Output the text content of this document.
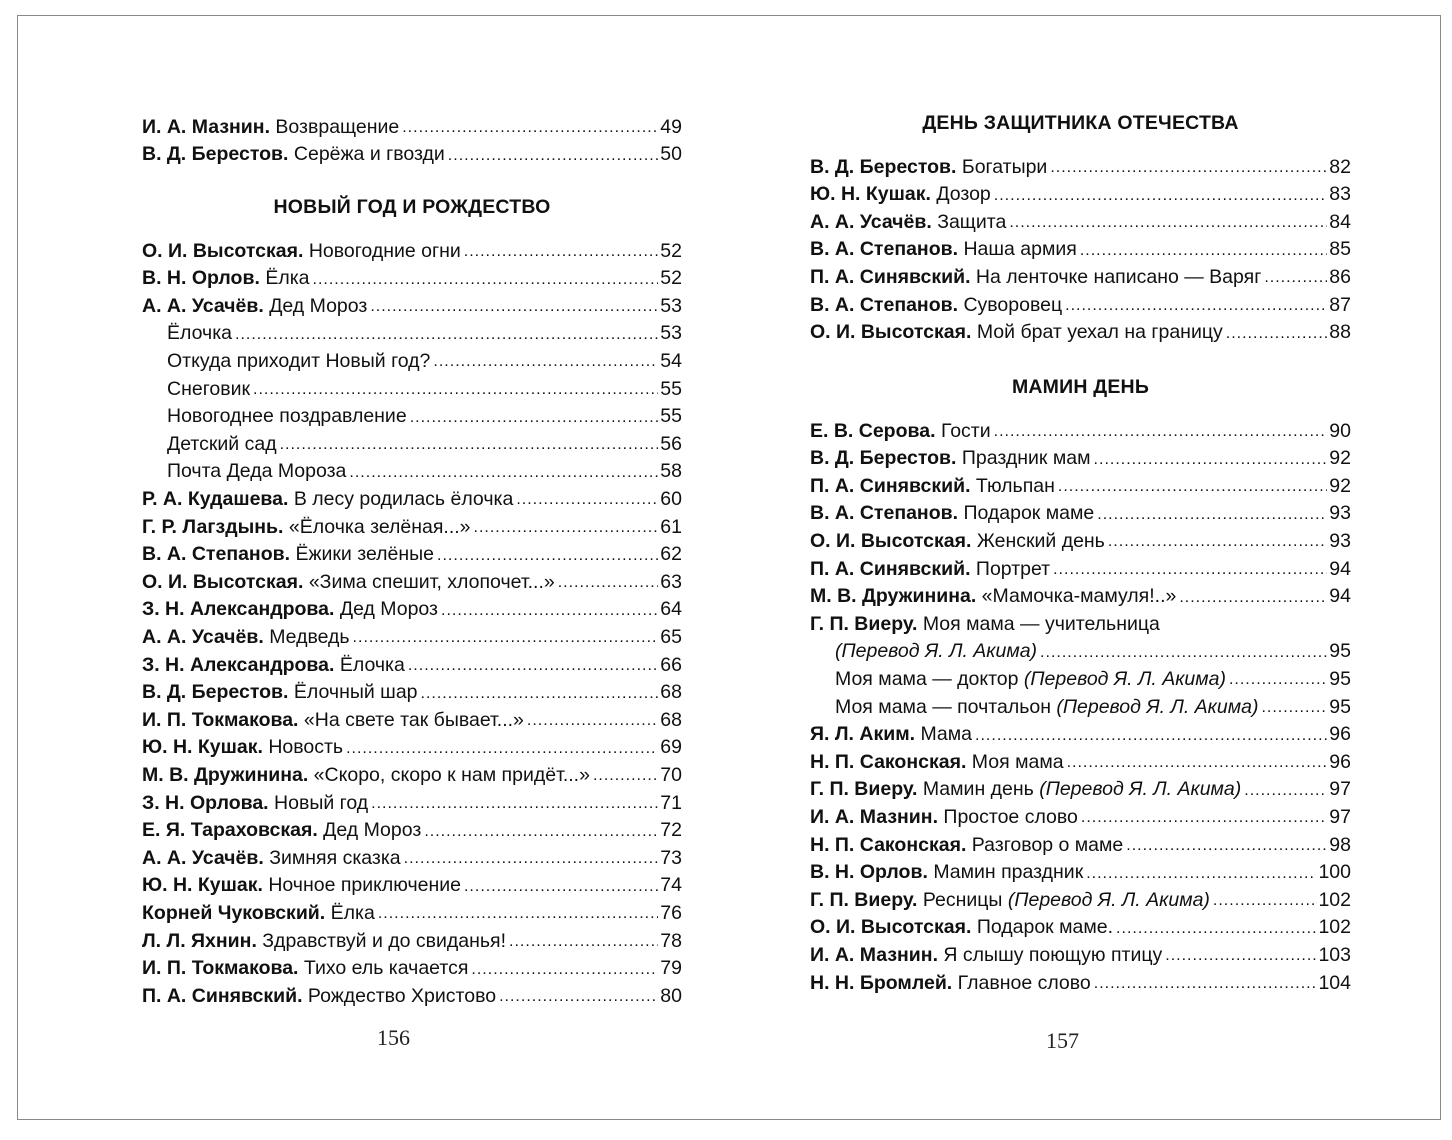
И. А. Мазнин. Возвращение .....	49
В. Д. Берестов. Серёжа и гвозди .....	50
НОВЫЙ ГОД И РОЖДЕСТВО
О. И. Высотская. Новогодние огни .....	52
В. Н. Орлов. Ёлка .....	52
А. А. Усачёв. Дед Мороз .....	53
Ёлочка .....	53
Откуда приходит Новый год? .....	54
Снеговик .....	55
Новогоднее поздравление .....	55
Детский сад .....	56
Почта Деда Мороза .....	58
Р. А. Кудашева. В лесу родилась ёлочка .....	60
Г. Р. Лагздынь. «Ёлочка зелёная...» .....	61
В. А. Степанов. Ёжики зелёные .....	62
О. И. Высотская. «Зима спешит, хлопочет...» .....	63
З. Н. Александрова. Дед Мороз .....	64
А. А. Усачёв. Медведь .....	65
З. Н. Александрова. Ёлочка .....	66
В. Д. Берестов. Ёлочный шар .....	68
И. П. Токмакова. «На свете так бывает...» .....	68
Ю. Н. Кушак. Новость .....	69
М. В. Дружинина. «Скоро, скоро к нам придёт...» .....	70
З. Н. Орлова. Новый год .....	71
Е. Я. Тараховская. Дед Мороз .....	72
А. А. Усачёв. Зимняя сказка .....	73
Ю. Н. Кушак. Ночное приключение .....	74
Корней Чуковский. Ёлка .....	76
Л. Л. Яхнин. Здравствуй и до свиданья! .....	78
И. П. Токмакова. Тихо ель качается .....	79
П. А. Синявский. Рождество Христово .....	80
156
ДЕНЬ ЗАЩИТНИКА ОТЕЧЕСТВА
В. Д. Берестов. Богатыри .....	82
Ю. Н. Кушак. Дозор .....	83
А. А. Усачёв. Защита .....	84
В. А. Степанов. Наша армия .....	85
П. А. Синявский. На ленточке написано — Варяг .....	86
В. А. Степанов. Суворовец .....	87
О. И. Высотская. Мой брат уехал на границу .....	88
МАМИН ДЕНЬ
Е. В. Серова. Гости .....	90
В. Д. Берестов. Праздник мам .....	92
П. А. Синявский. Тюльпан .....	92
В. А. Степанов. Подарок маме .....	93
О. И. Высотская. Женский день .....	93
П. А. Синявский. Портрет .....	94
М. В. Дружинина. «Мамочка-мамуля!..» .....	94
Г. П. Виеру. Моя мама — учительница
(Перевод Я. Л. Акима) .....	95
Моя мама — доктор (Перевод Я. Л. Акима) .....	95
Моя мама — почтальон (Перевод Я. Л. Акима) .....	95
Я. Л. Аким. Мама .....	96
Н. П. Саконская. Моя мама .....	96
Г. П. Виеру. Мамин день (Перевод Я. Л. Акима) .....	97
И. А. Мазнин. Простое слово .....	97
Н. П. Саконская. Разговор о маме .....	98
В. Н. Орлов. Мамин праздник .....	100
Г. П. Виеру. Ресницы (Перевод Я. Л. Акима) .....	102
О. И. Высотская. Подарок маме. .....	102
И. А. Мазнин. Я слышу поющую птицу .....	103
Н. Н. Бромлей. Главное слово .....	104
157
